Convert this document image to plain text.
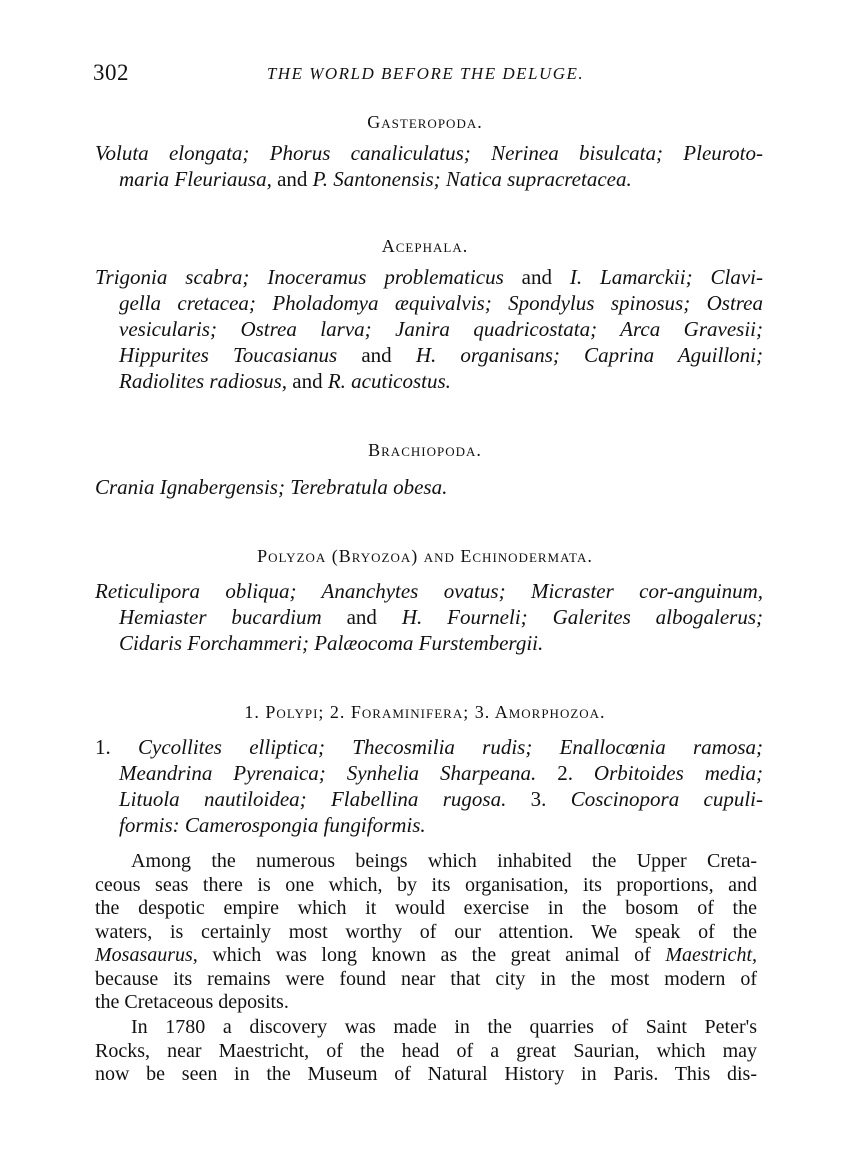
302	THE WORLD BEFORE THE DELUGE.
Gasteropoda.
Voluta elongata; Phorus canaliculatus; Nerinea bisulcata; Pleuroto-
maria Fleuriausa, and P. Santonensis; Natica supracretacea.
Acephala.
Trigonia scabra; Inoceramus problematicus and I. Lamarckii; Clavi-
gella cretacea; Pholadomya æquivalvis; Spondylus spinosus; Ostrea
vesicularis; Ostrea larva; Janira quadricostata; Arca Gravesii;
Hippurites Toucasianus and H. organisans; Caprina Aguilloni;
Radiolites radiosus, and R. acuticostus.
Brachiopoda.
Crania Ignabergensis; Terebratula obesa.
Polyzoa (Bryozoa) and Echinodermata.
Reticulipora obliqua; Ananchytes ovatus; Micraster cor-anguinum,
Hemiaster bucardium and H. Fourneli; Galerites albogalerus;
Cidaris Forchammeri; Palæocoma Furstembergii.
1. Polypi; 2. Foraminifera; 3. Amorphozoa.
1. Cycollites elliptica; Thecosmilia rudis; Enallocœnia ramosa;
Meandrina Pyrenaica; Synhelia Sharpeana. 2. Orbitoides media;
Lituola nautiloidea; Flabellina rugosa. 3. Coscinopora cupuli-
formis: Camerospongia fungiformis.
Among the numerous beings which inhabited the Upper Creta-
ceous seas there is one which, by its organisation, its proportions, and
the despotic empire which it would exercise in the bosom of the
waters, is certainly most worthy of our attention. We speak of the
Mosasaurus, which was long known as the great animal of Maestricht,
because its remains were found near that city in the most modern of
the Cretaceous deposits.
In 1780 a discovery was made in the quarries of Saint Peter's
Rocks, near Maestricht, of the head of a great Saurian, which may
now be seen in the Museum of Natural History in Paris. This dis-
